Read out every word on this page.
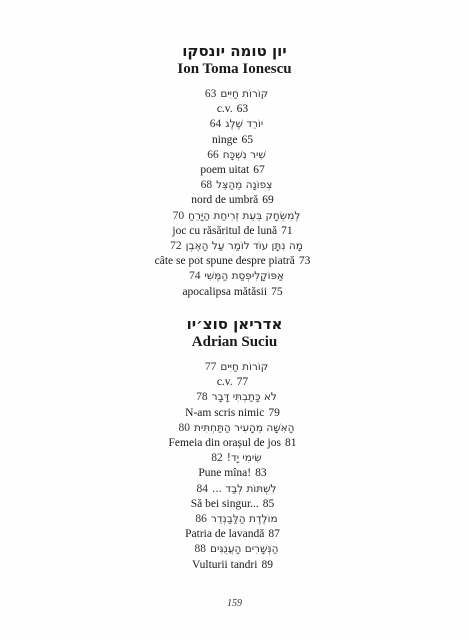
יון טומה יונסקו

Ion Toma Ionescu

63 קוֹרוֹת חַיִּים
c.v. 63
64 יוֹרֵד שֶׁלֶג
ninge 65
66 שִׁיר נִשְׁכָּח
poem uitat 67
68 צְפוֹנָה מֵהַצֵּל
nord de umbră 69
70 לְמִשְׂחָק בְּעֵת זְרִיחַת הַיָּרֵחַ
joc cu răsăritul de lună 71
72 מָה נִתָּן עוֹד לוֹמַר עַל הָאֶבֶן
câte se pot spune despre piatră 73
74 אַפּוֹקָלִיפְּסַת הַמֶּשִׁי
apocalipsa mătăsii 75

אדריאן סוצ׳יו

Adrian Suciu

77 קוֹרוֹת חַיִּים
c.v. 77
78 לֹא כָּתַבְתִּי דָּבָר
N-am scris nimic 79
80 הָאִשָּׁה מֵהָעִיר הַתַּחְתִּית
Femeia din orașul de jos 81
82 שִׂימִי יָד!
Pune mîna! 83
84 לִשְׁתּוֹת לְבַד ...
Să bei singur... 85
86 מוֹלֶדֶת הַלַּבַנְדֵר
Patria de lavandă 87
88 הַנְּשָׁרִים הָעֲנֻגִּים
Vulturii tandri 89
159
